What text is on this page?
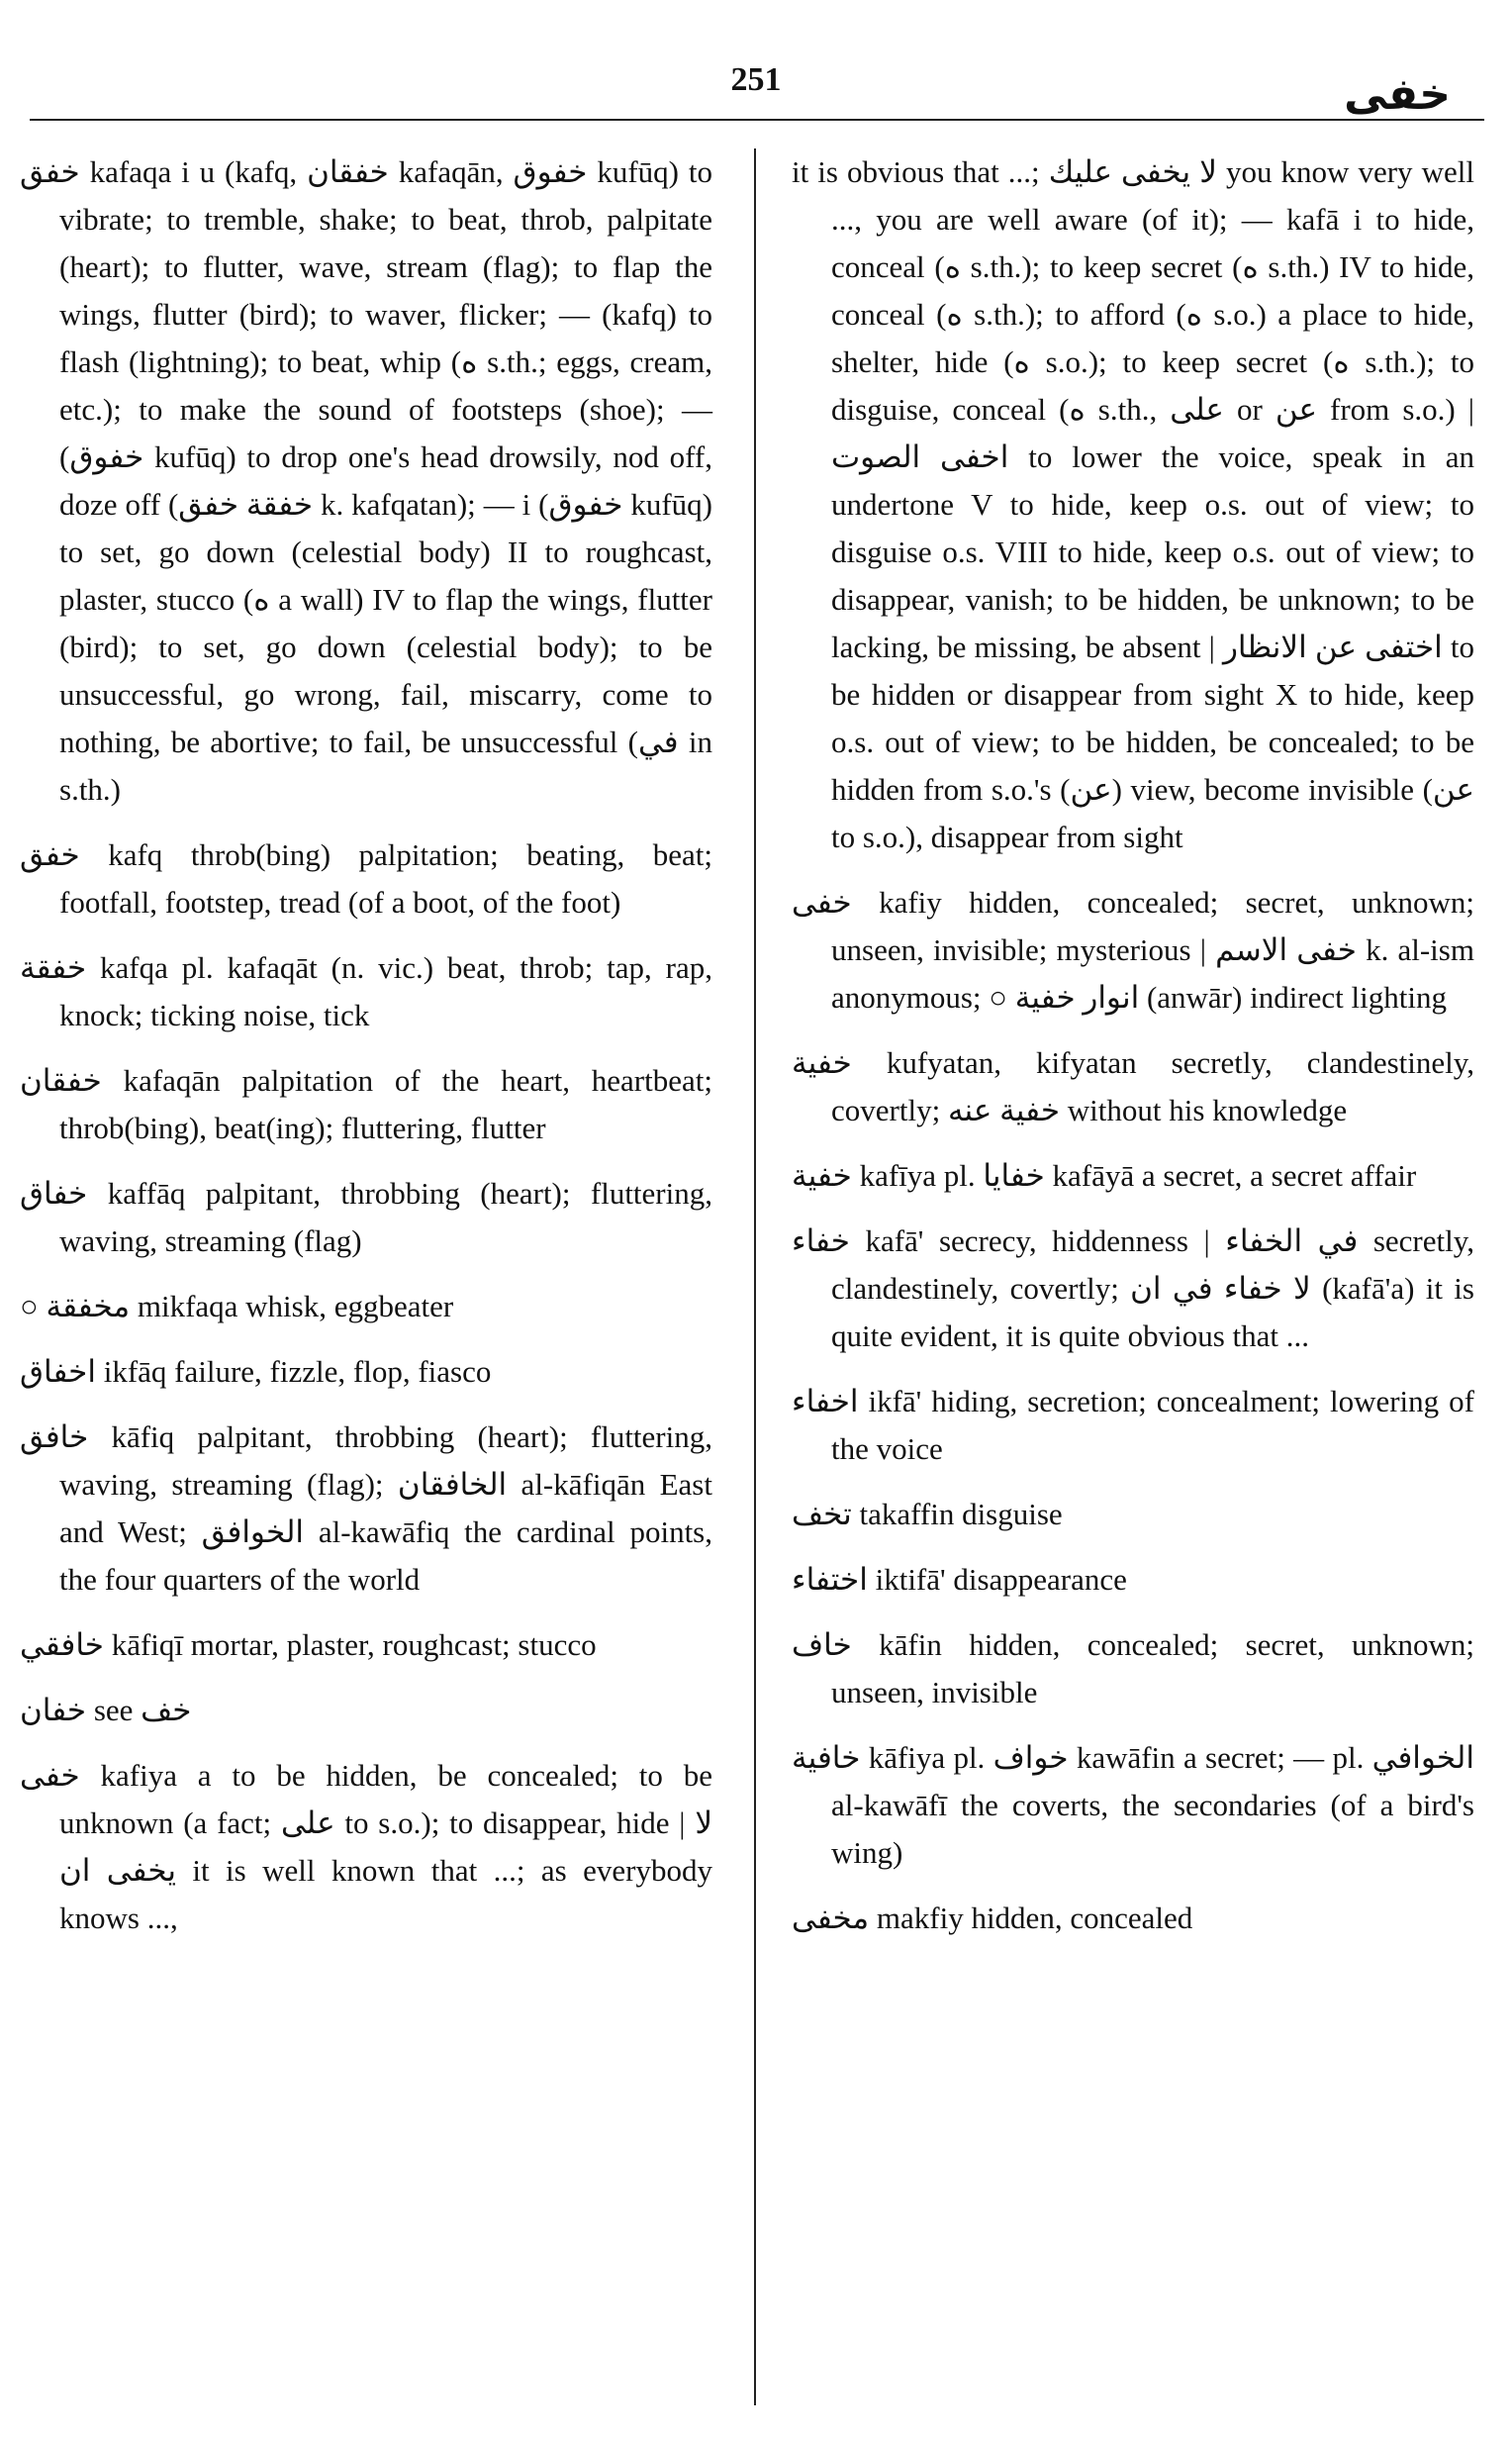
251	خفى

خفق kafaqa i u (kafq, خفقان kafaqān, خفوق kufūq) to vibrate; to tremble, shake; to beat, throb, palpitate (heart); to flutter, wave, stream (flag); to flap the wings, flutter (bird); to waver, flicker; — (kafq) to flash (lightning); to beat, whip (ه s.th.; eggs, cream, etc.); to make the sound of footsteps (shoe); — (خفوق kufūq) to drop one's head drowsily, nod off, doze off (خفقة خفق k. kafqatan); — i (خفوق kufūq) to set, go down (celestial body) II to roughcast, plaster, stucco (ه a wall) IV to flap the wings, flutter (bird); to set, go down (celestial body); to be unsuccessful, go wrong, fail, miscarry, come to nothing, be abortive; to fail, be unsuccessful (في in s.th.)

خفق kafq throb(bing) palpitation; beating, beat; footfall, footstep, tread (of a boot, of the foot)

خفقة kafqa pl. kafaqāt (n. vic.) beat, throb; tap, rap, knock; ticking noise, tick

خفقان kafaqān palpitation of the heart, heartbeat; throb(bing), beat(ing); fluttering, flutter

خفاق kaffāq palpitant, throbbing (heart); fluttering, waving, streaming (flag)

○ مخفقة mikfaqa whisk, eggbeater

اخفاق ikfāq failure, fizzle, flop, fiasco

خافق kāfiq palpitant, throbbing (heart); fluttering, waving, streaming (flag); الخافقان al-kāfiqān East and West; الخوافق al-kawāfiq the cardinal points, the four quarters of the world

خافقي kāfiqī mortar, plaster, roughcast; stucco

خفان see خف

خفى kafiya a to be hidden, be concealed; to be unknown (a fact; على to s.o.); to disappear, hide | لا يخفى ان it is well known that ...; as everybody knows ...,

it is obvious that ...; لا يخفى عليك you know very well ..., you are well aware (of it); — kafā i to hide, conceal (ه s.th.); to keep secret (ه s.th.) IV to hide, conceal (ه s.th.); to afford (ه s.o.) a place to hide, shelter, hide (ه s.o.); to keep secret (ه s.th.); to disguise, conceal (ه s.th., على or عن from s.o.) | اخفى الصوت to lower the voice, speak in an undertone V to hide, keep o.s. out of view; to disguise o.s. VIII to hide, keep o.s. out of view; to disappear, vanish; to be hidden, be unknown; to be lacking, be missing, be absent | اختفى عن الانظار to be hidden or disappear from sight X to hide, keep o.s. out of view; to be hidden, be concealed; to be hidden from s.o.'s (عن) view, become invisible (عن to s.o.), disappear from sight

خفى kafiy hidden, concealed; secret, unknown; unseen, invisible; mysterious | خفى الاسم k. al-ism anonymous; ○ انوار خفية (anwār) indirect lighting

خفية kufyatan, kifyatan secretly, clandestinely, covertly; خفية عنه without his knowledge

خفية kafīya pl. خفايا kafāyā a secret, a secret affair

خفاء kafā' secrecy, hiddenness | في الخفاء secretly, clandestinely, covertly; لا خفاء في ان (kafā'a) it is quite evident, it is quite obvious that ...

اخفاء ikfā' hiding, secretion; concealment; lowering of the voice

تخف takaffin disguise

اختفاء iktifā' disappearance

خاف kāfin hidden, concealed; secret, unknown; unseen, invisible

خافية kāfiya pl. خواف kawāfin a secret; — pl. الخوافي al-kawāfī the coverts, the secondaries (of a bird's wing)

مخفى makfiy hidden, concealed
